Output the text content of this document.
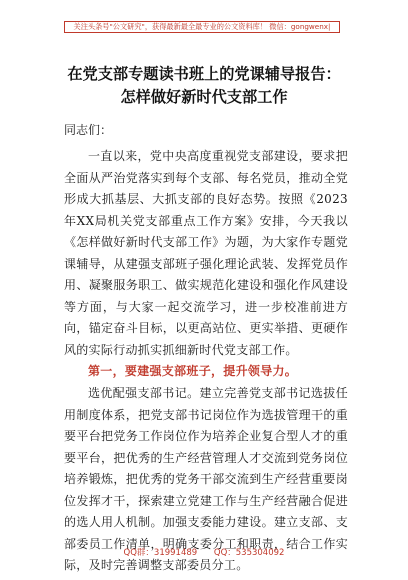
关注头条号"公文研究"，获得最新最全最专业的公文资料库！ 微信：gongwenx|
在党支部专题读书班上的党课辅导报告：
怎样做好新时代支部工作
同志们：

一直以来，党中央高度重视党支部建设，要求把全面从严治党落实到每个支部、每名党员，推动全党形成大抓基层、大抓支部的良好态势。按照《2023年XX局机关党支部重点工作方案》安排，今天我以《怎样做好新时代支部工作》为题，为大家作专题党课辅导，从建强支部班子强化理论武装、发挥党员作用、凝聚服务职工、做实规范化建设和强化作风建设等方面，与大家一起交流学习，进一步校准前进方向，锚定奋斗目标，以更高站位、更实举措、更硬作风的实际行动抓实抓细新时代党支部工作。

第一，要建强支部班子，提升领导力。

选优配强支部书记。建立完善党支部书记选拔任用制度体系，把党支部书记岗位作为选拔管理干的重要平台把党务工作岗位作为培养企业复合型人才的重要平台，把优秀的生产经营管理人才交流到党务岗位培养锻炼，把优秀的党务干部交流到生产经营重要岗位发挥才干，探索建立党建工作与生产经营融合促进的选人用人机制。加强支委能力建设。建立支部、支部委员工作清单，明确支委分工和职责，结合工作实际，及时完善调整支部委员分工。

QQ群：31991489 QQ：535304092
